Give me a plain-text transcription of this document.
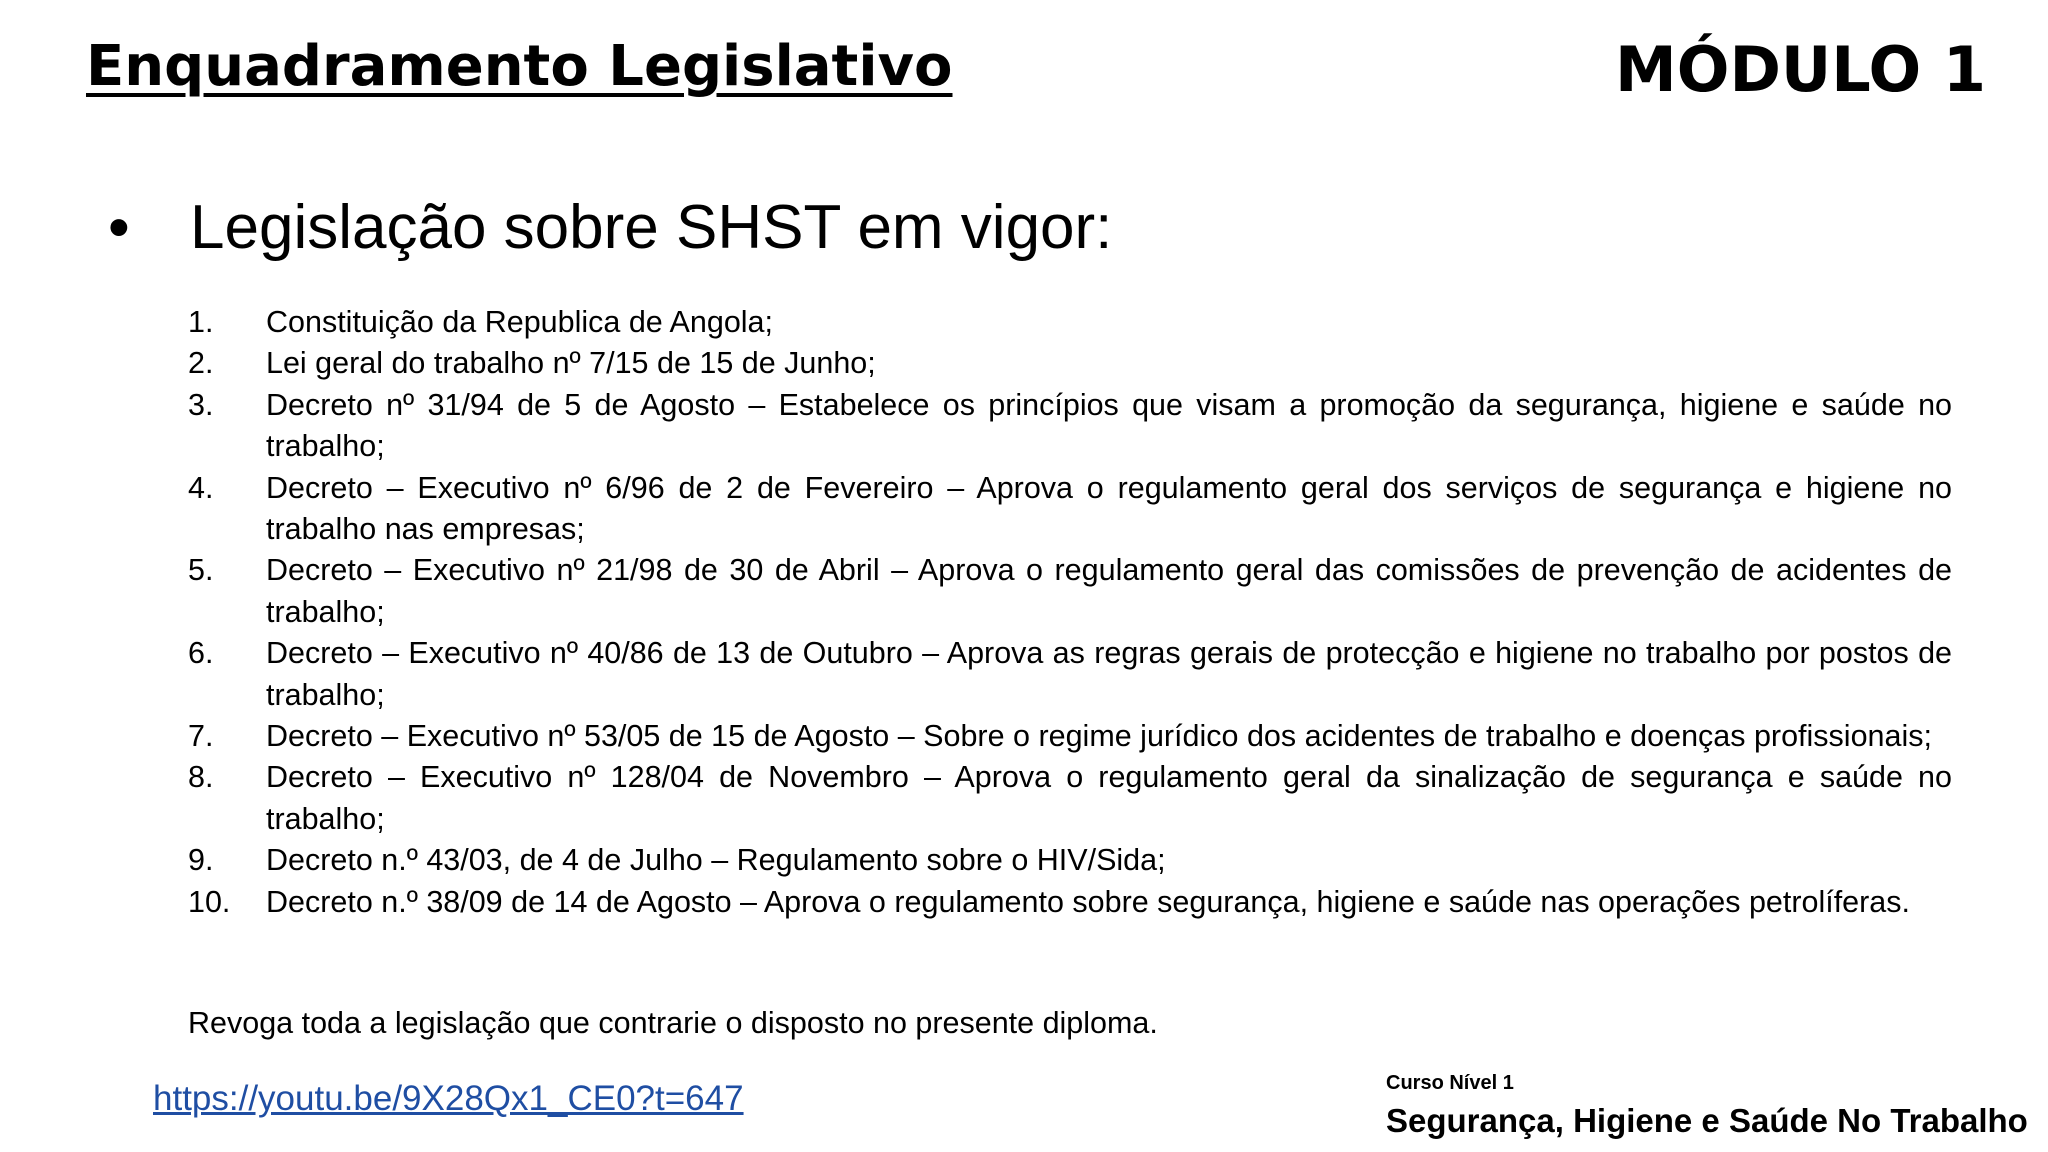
Enquadramento Legislativo	MÓDULO 1
• Legislação sobre SHST em vigor:
1. Constituição da Republica de Angola;
2. Lei geral do trabalho nº 7/15 de 15 de Junho;
3. Decreto nº 31/94 de 5 de Agosto – Estabelece os princípios que visam a promoção da segurança, higiene e saúde no trabalho;
4. Decreto – Executivo nº 6/96 de 2 de Fevereiro – Aprova o regulamento geral dos serviços de segurança e higiene no trabalho nas empresas;
5. Decreto – Executivo nº 21/98 de 30 de Abril – Aprova o regulamento geral das comissões de prevenção de acidentes de trabalho;
6. Decreto – Executivo nº 40/86 de 13 de Outubro – Aprova as regras gerais de protecção e higiene no trabalho por postos de trabalho;
7. Decreto – Executivo nº 53/05 de 15 de Agosto – Sobre o regime jurídico dos acidentes de trabalho e doenças profissionais;
8. Decreto – Executivo nº 128/04 de Novembro – Aprova o regulamento geral da sinalização de segurança e saúde no trabalho;
9. Decreto n.º 43/03, de 4 de Julho – Regulamento sobre o HIV/Sida;
10. Decreto n.º 38/09 de 14 de Agosto – Aprova o regulamento sobre segurança, higiene e saúde nas operações petrolíferas.
Revoga toda a legislação que contrarie o disposto no presente diploma.
https://youtu.be/9X28Qx1_CE0?t=647	Curso Nível 1
Segurança, Higiene e Saúde No Trabalho
